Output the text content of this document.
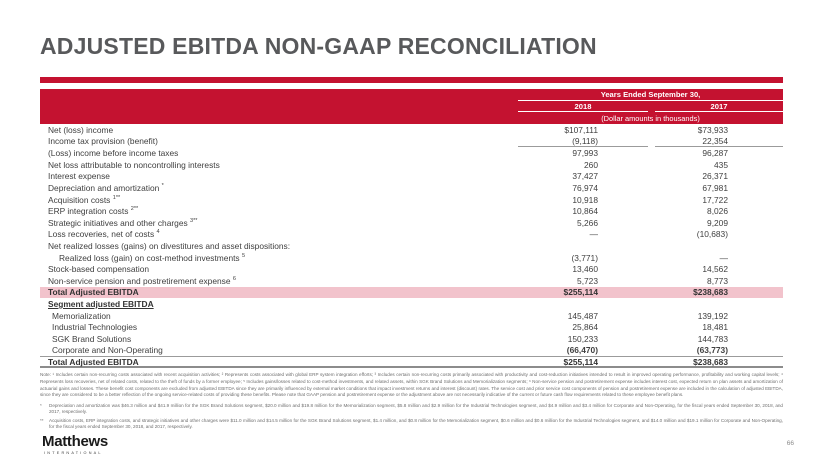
ADJUSTED EBITDA NON-GAAP RECONCILIATION
Years Ended September 30,
2018	2017
(Dollar amounts in thousands)
Net (loss) income	$107,111	$73,933
Income tax provision (benefit)	(9,118)	22,354
(Loss) income before income taxes	97,993	96,287
Net loss attributable to noncontrolling interests	260	435
Interest expense	37,427	26,371
Depreciation and amortization *	76,974	67,981
Acquisition costs $^{1**}$	10,918	17,722
ERP integration costs $^{2**}$	10,864	8,026
Strategic initiatives and other charges $^{3**}$	5,266	9,209
Loss recoveries, net of costs $^4$	—	(10,683)
Net realized losses (gains) on divestitures and asset dispositions:
Realized loss (gain) on cost-method investments $^5$	(3,771)	—
Stock-based compensation	13,460	14,562
Non-service pension and postretirement expense $^6$	5,723	8,773
Total Adjusted EBITDA	$255,114	$238,683
Segment adjusted EBITDA
Memorialization	145,487	139,192
Industrial Technologies	25,864	18,481
SGK Brand Solutions	150,233	144,783
Corporate and Non-Operating	(66,470)	(63,773)
Total Adjusted EBITDA	$255,114	$238,683

Note: ¹ Includes certain non-recurring costs associated with recent acquisition activities; ² Represents costs associated with global ERP system integration efforts; ³ Includes certain non-recurring costs primarily associated with productivity and cost-reduction initiatives intended to result in improved operating performance, profitability and working capital levels; ⁴ Represents loss recoveries, net of related costs, related to the theft of funds by a former employee; ⁵ Includes gains/losses related to cost-method investments, and related assets, within SGK Brand Solutions and Memorialization segments; ⁶ Non-service pension and postretirement expense includes interest cost, expected return on plan assets and amortization of actuarial gains and losses. These benefit cost components are excluded from adjusted EBITDA since they are primarily influenced by external market conditions that impact investment returns and interest (discount) rates. The service cost and prior service cost components of pension and postretirement expense are included in the calculation of adjusted EBITDA, since they are considered to be a better reflection of the ongoing service-related costs of providing these benefits. Please note that GAAP pension and postretirement expense or the adjustment above are not necessarily indicative of the current or future cash flow requirements related to these employee benefit plans.

*	Depreciation and amortization was $46.3 million and $41.9 million for the SGK Brand Solutions segment, $20.0 million and $19.8 million for the Memorialization segment, $5.8 million and $2.9 million for the Industrial Technologies segment, and $4.9 million and $3.4 million for Corporate and Non-Operating, for the fiscal years ended September 30, 2018, and 2017, respectively.
**	Acquisition costs, ERP integration costs, and strategic initiatives and other charges were $11.0 million and $14.5 million for the SGK Brand Solutions segment, $1.4 million, and $0.8 million for the Memorialization segment, $0.6 million and $0.6 million for the Industrial Technologies segment, and $14.0 million and $19.1 million for Corporate and Non-Operating, for the fiscal years ended September 30, 2018, and 2017, respectively.
Matthews
INTERNATIONAL
66
